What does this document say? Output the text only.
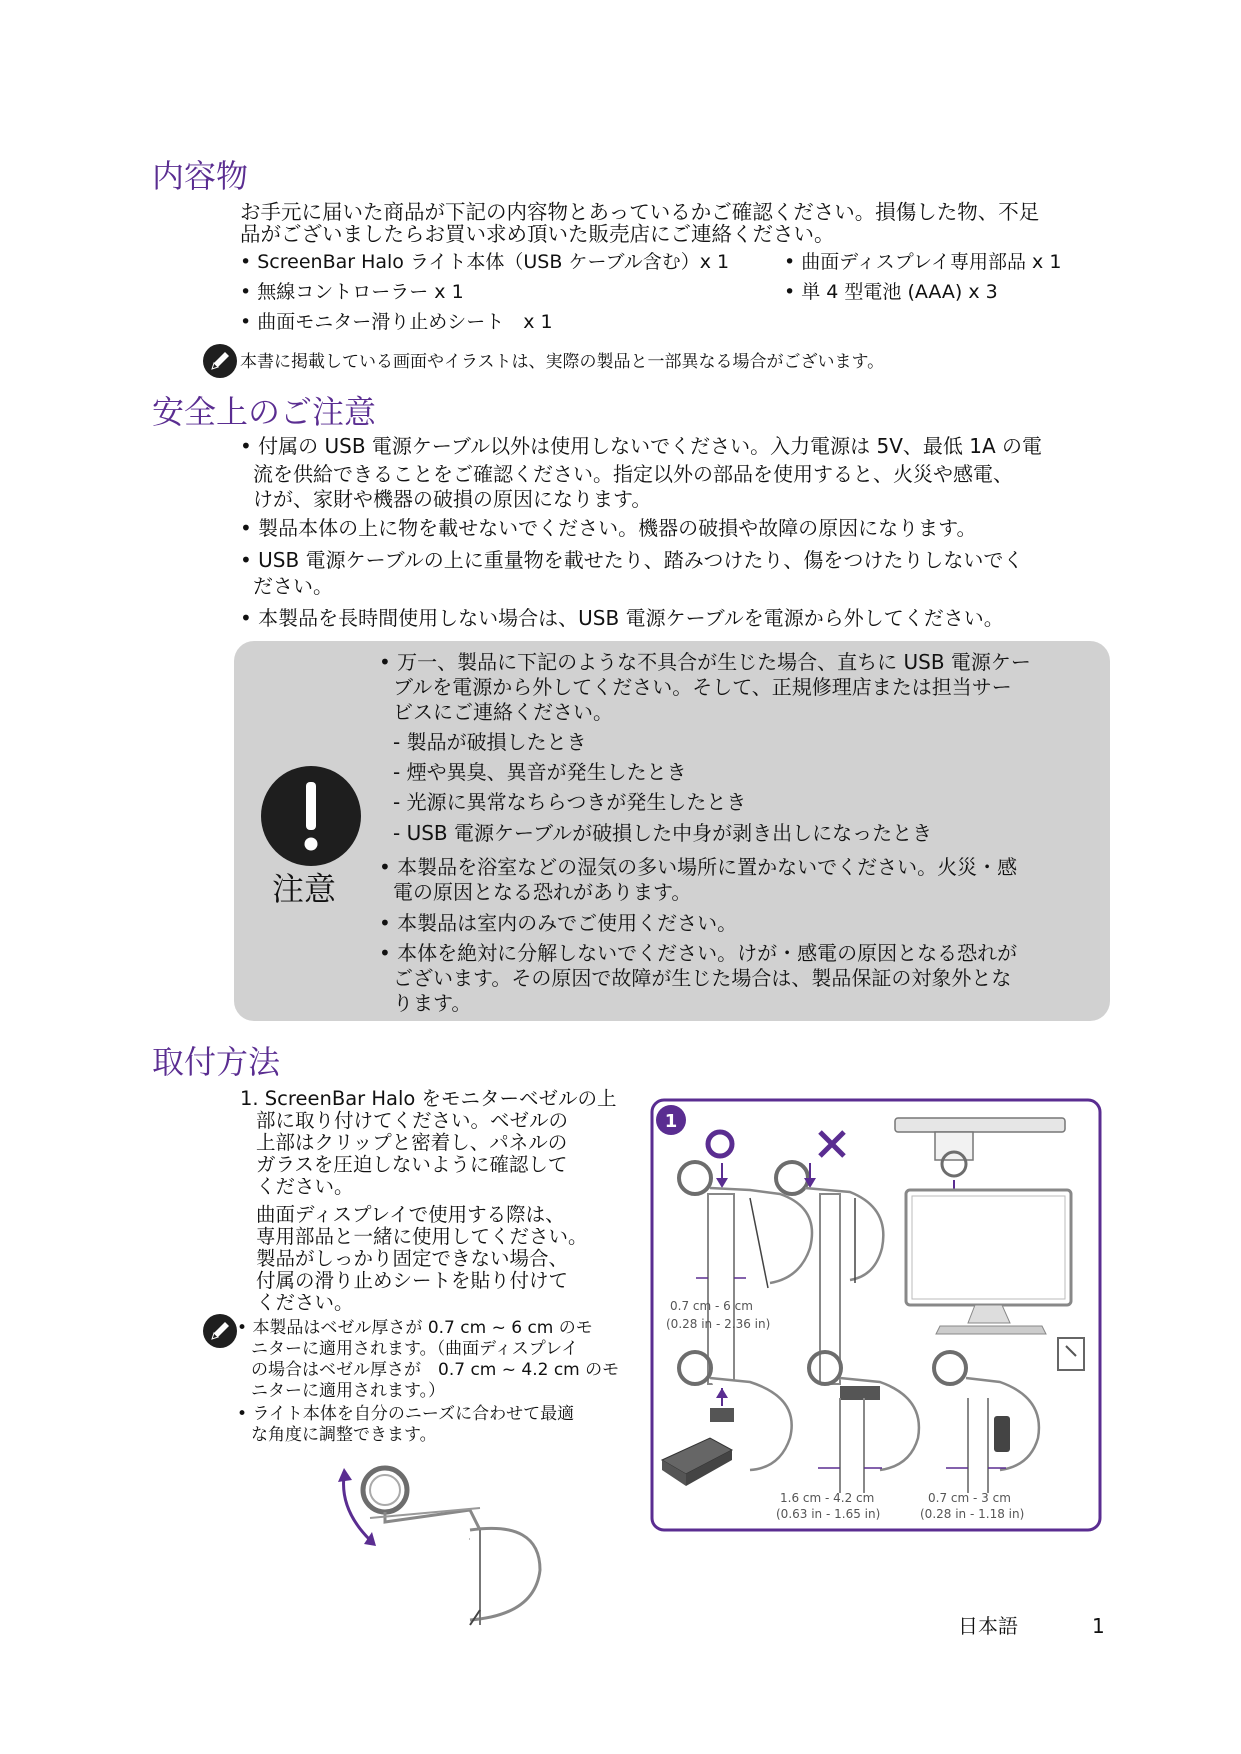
内容物
お手元に届いた商品が下記の内容物とあっているかご確認ください。損傷した物、不足
品がございましたらお買い求め頂いた販売店にご連絡ください。
• ScreenBar Halo ライト本体（USB ケーブル含む）x 1	• 曲面ディスプレイ専用部品 x 1
• 無線コントローラー x 1	• 単 4 型電池 (AAA) x 3
• 曲面モニター滑り止めシート　x 1
本書に掲載している画面やイラストは、実際の製品と一部異なる場合がございます。
安全上のご注意
• 付属の USB 電源ケーブル以外は使用しないでください。入力電源は 5V、最低 1A の電
流を供給できることをご確認ください。指定以外の部品を使用すると、火災や感電、
けが、家財や機器の破損の原因になります。
• 製品本体の上に物を載せないでください。機器の破損や故障の原因になります。
• USB 電源ケーブルの上に重量物を載せたり、踏みつけたり、傷をつけたりしないでく
ださい。
• 本製品を長時間使用しない場合は、USB 電源ケーブルを電源から外してください。
注意
• 万一、製品に下記のような不具合が生じた場合、直ちに USB 電源ケー
ブルを電源から外してください。そして、正規修理店または担当サー
ビスにご連絡ください。
- 製品が破損したとき
- 煙や異臭、異音が発生したとき
- 光源に異常なちらつきが発生したとき
- USB 電源ケーブルが破損した中身が剥き出しになったとき
• 本製品を浴室などの湿気の多い場所に置かないでください。火災・感
電の原因となる恐れがあります。
• 本製品は室内のみでご使用ください。
• 本体を絶対に分解しないでください。けが・感電の原因となる恐れが
ございます。その原因で故障が生じた場合は、製品保証の対象外とな
ります。
取付方法
1. ScreenBar Halo をモニターベゼルの上
部に取り付けてください。ベゼルの
上部はクリップと密着し、パネルの
ガラスを圧迫しないように確認して
ください。
曲面ディスプレイで使用する際は、
専用部品と一緒に使用してください。
製品がしっかり固定できない場合、
付属の滑り止めシートを貼り付けて
ください。
• 本製品はベゼル厚さが 0.7 cm ~ 6 cm のモ
ニターに適用されます。（曲面ディスプレイ
の場合はベゼル厚さが　0.7 cm ~ 4.2 cm のモ
ニターに適用されます。）
• ライト本体を自分のニーズに合わせて最適
な角度に調整できます。
1
0.7 cm - 6 cm
(0.28 in - 2.36 in)
1.6 cm - 4.2 cm
(0.63 in - 1.65 in)
0.7 cm - 3 cm
(0.28 in - 1.18 in)
日本語	1
